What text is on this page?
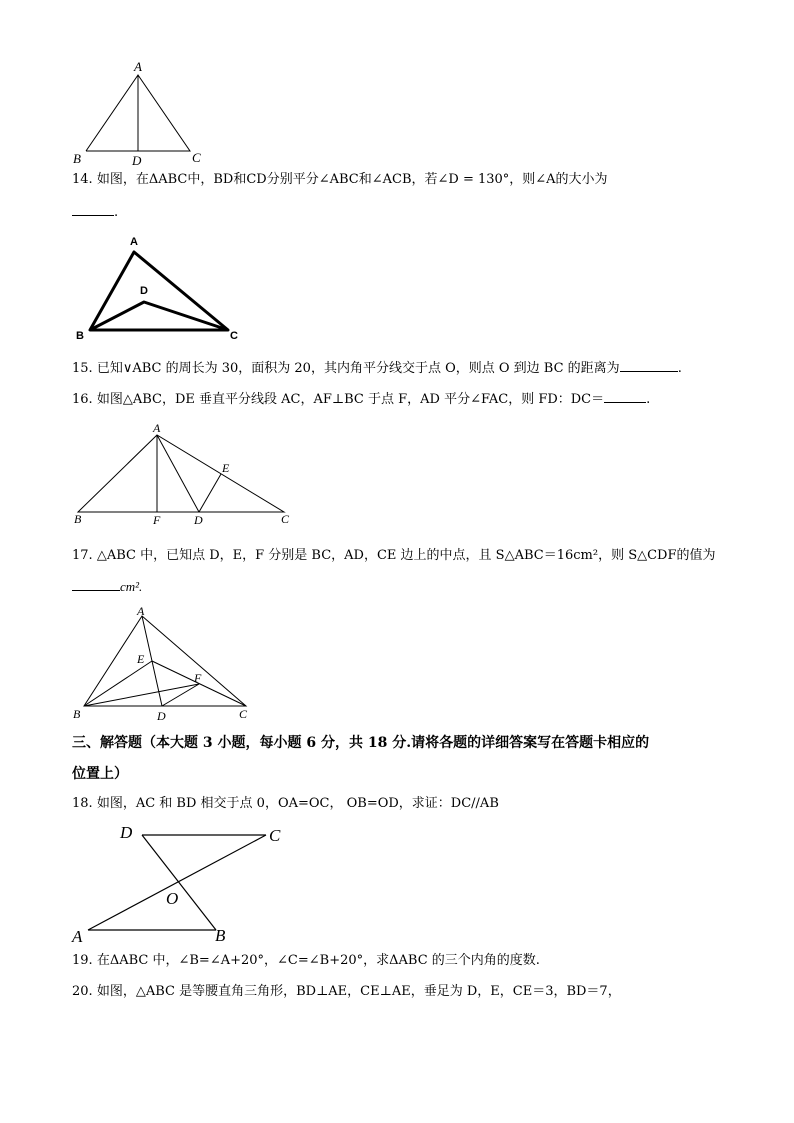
A
B	D	C
14. 如图，在ΔABC中，BD和CD分别平分∠ABC和∠ACB，若∠D = 130°，则∠A的大小为
.
A
D
B	C
15. 已知∨ABC 的周长为 30，面积为 20，其内角平分线交于点 O，则点 O 到边 BC 的距离为	.
16. 如图△ABC，DE 垂直平分线段 AC，AF⊥BC 于点 F，AD 平分∠FAC，则 FD：DC＝	.
A
E
B	F	D	C
17. △ABC 中，已知点 D，E，F 分别是 BC，AD，CE 边上的中点，且 S△ABC＝16cm²，则 S△CDF的值为
cm².
A
E
F
B	D	C
三、解答题（本大题 3 小题，每小题 6 分，共 18 分.请将各题的详细答案写在答题卡相应的
位置上）
18. 如图，AC 和 BD 相交于点 0，OA=OC， OB=OD，求证：DC//AB
D	C
O
A	B
19. 在ΔABC 中，∠B=∠A+20°，∠C=∠B+20°，求ΔABC 的三个内角的度数.
20. 如图，△ABC 是等腰直角三角形，BD⊥AE，CE⊥AE，垂足为 D，E，CE＝3，BD＝7，
